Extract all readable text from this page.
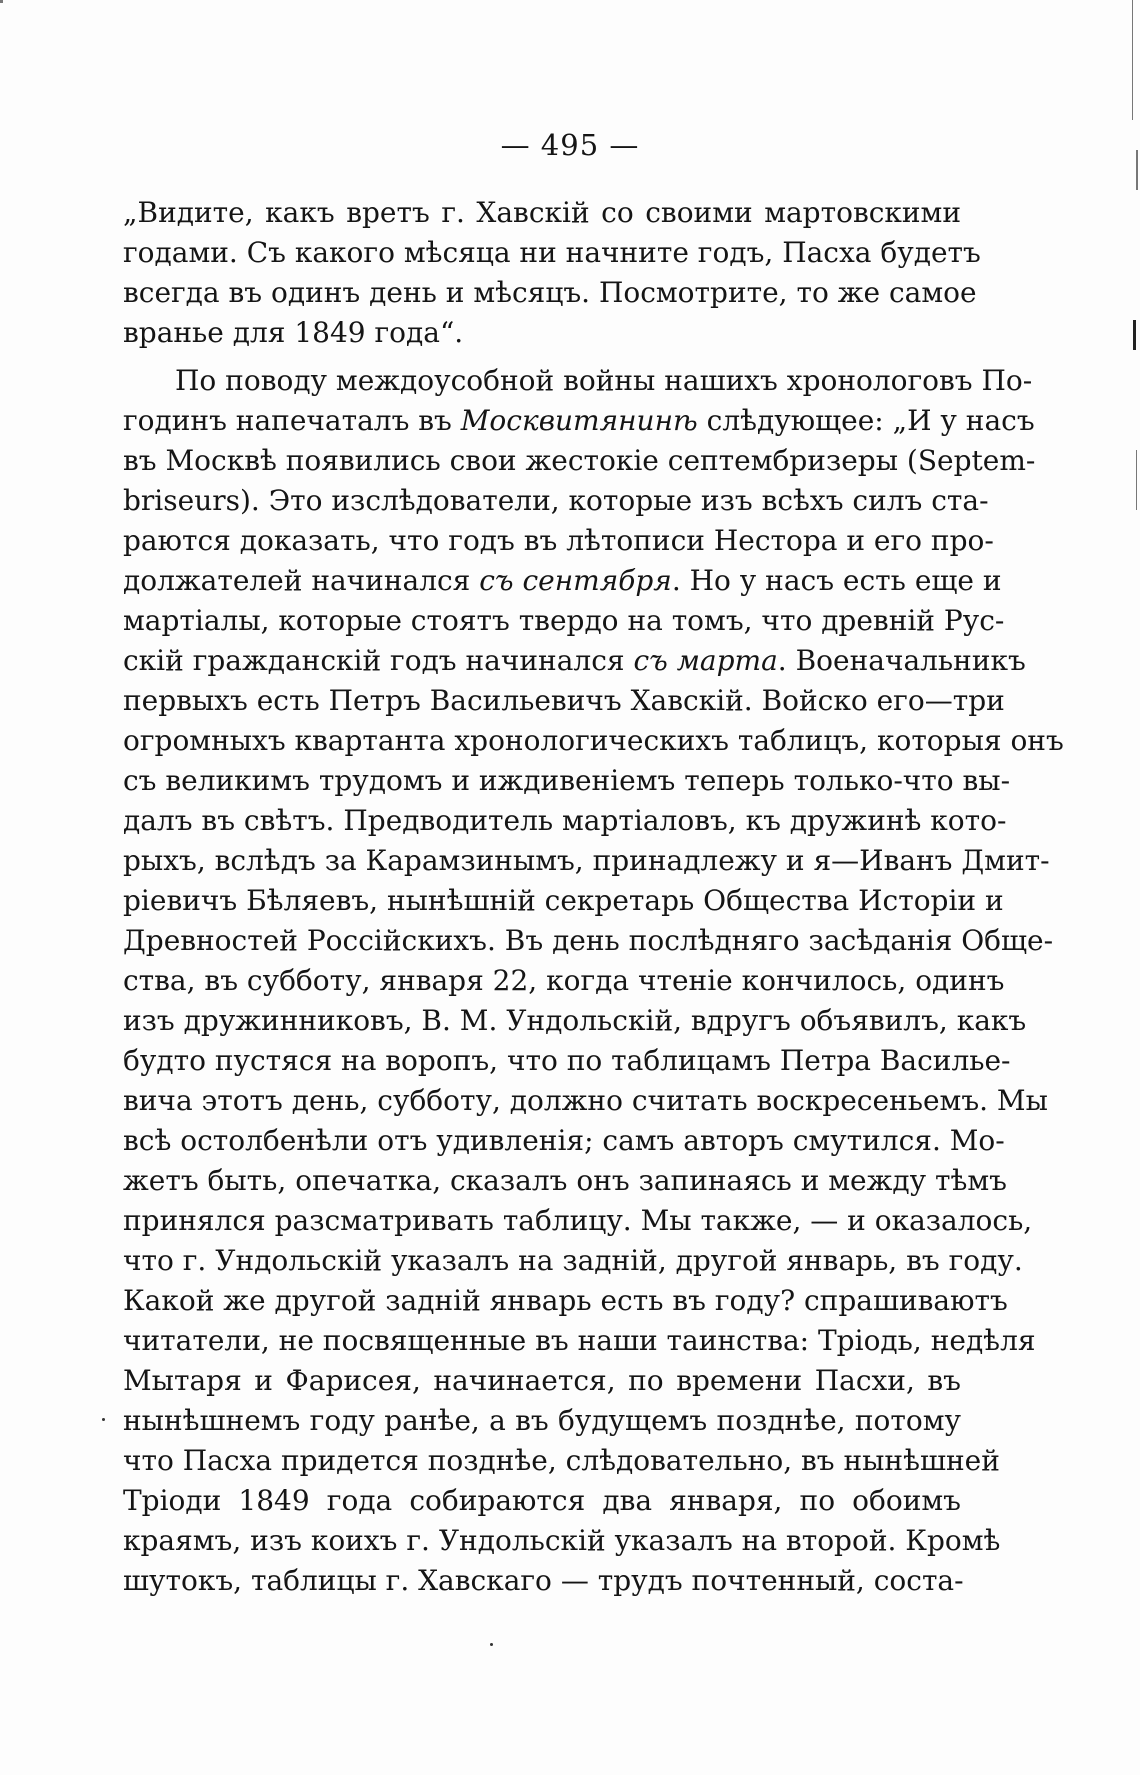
— 495 —
„Видите, какъ вретъ г. Хавскій со своими мартовскими
годами. Съ какого мѣсяца ни начните годъ, Пасха будетъ
всегда въ одинъ день и мѣсяцъ. Посмотрите, то же самое
вранье для 1849 года“.
По поводу междоусобной войны нашихъ хронологовъ По-
годинъ напечаталъ въ Москвитянинѣ слѣдующее: „И у насъ
въ Москвѣ появились свои жестокіе септембризеры (Septem-
briseurs). Это изслѣдователи, которые изъ всѣхъ силъ ста-
раются доказать, что годъ въ лѣтописи Нестора и его про-
должателей начинался съ сентября. Но у насъ есть еще и
мартіалы, которые стоятъ твердо на томъ, что древній Рус-
скій гражданскій годъ начинался съ марта. Военачальникъ
первыхъ есть Петръ Васильевичъ Хавскій. Войско его—три
огромныхъ квартанта хронологическихъ таблицъ, которыя онъ
съ великимъ трудомъ и иждивеніемъ теперь только-что вы-
далъ въ свѣтъ. Предводитель мартіаловъ, къ дружинѣ кото-
рыхъ, вслѣдъ за Карамзинымъ, принадлежу и я—Иванъ Дмит-
ріевичъ Бѣляевъ, нынѣшній секретарь Общества Исторіи и
Древностей Россійскихъ. Въ день послѣдняго засѣданія Обще-
ства, въ субботу, января 22, когда чтеніе кончилось, одинъ
изъ дружинниковъ, В. М. Ундольскій, вдругъ объявилъ, какъ
будто пустяся на воропъ, что по таблицамъ Петра Василье-
вича этотъ день, субботу, должно считать воскресеньемъ. Мы
всѣ остолбенѣли отъ удивленія; самъ авторъ смутился. Мо-
жетъ быть, опечатка, сказалъ онъ запинаясь и между тѣмъ
принялся разсматривать таблицу. Мы также, — и оказалось,
что г. Ундольскій указалъ на задній, другой январь, въ году.
Какой же другой задній январь есть въ году? спрашиваютъ
читатели, не посвященные въ наши таинства: Тріодь, недѣля
Мытаря и Фарисея, начинается, по времени Пасхи, въ
нынѣшнемъ году ранѣе, а въ будущемъ позднѣе, потому
что Пасха придется позднѣе, слѣдовательно, въ нынѣшней
Тріоди 1849 года собираются два января, по обоимъ
краямъ, изъ коихъ г. Ундольскій указалъ на второй. Кромѣ
шутокъ, таблицы г. Хавскаго — трудъ почтенный, соста-
